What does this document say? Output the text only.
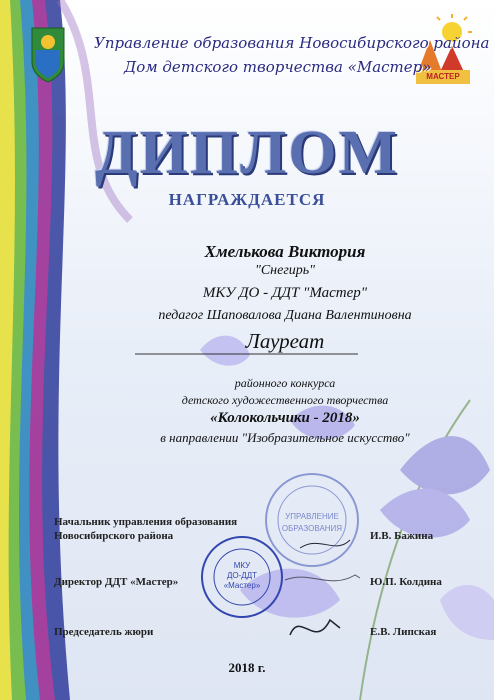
Управление образования Новосибирского района
Дом детского творчества «Мастер»
МАСТЕР
ДИПЛОМ
НАГРАЖДАЕТСЯ
Хмелькова Виктория
"Снегирь"
МКУ ДО - ДДТ "Мастер"
педагог Шаповалова Диана Валентиновна
Лауреат
районного конкурса
детского художественного творчества
«Колокольчики - 2018»
в направлении "Изобразительное искусство"
УПРАВЛЕНИЕ
ОБРАЗОВАНИЯ
МКУ
ДО-ДДТ
«Мастер»
Начальник управления образования
Новосибирского района	И.В. Бажина
Директор ДДТ «Мастер»	Ю.П. Колдина
Председатель жюри	Е.В. Липская
2018 г.
